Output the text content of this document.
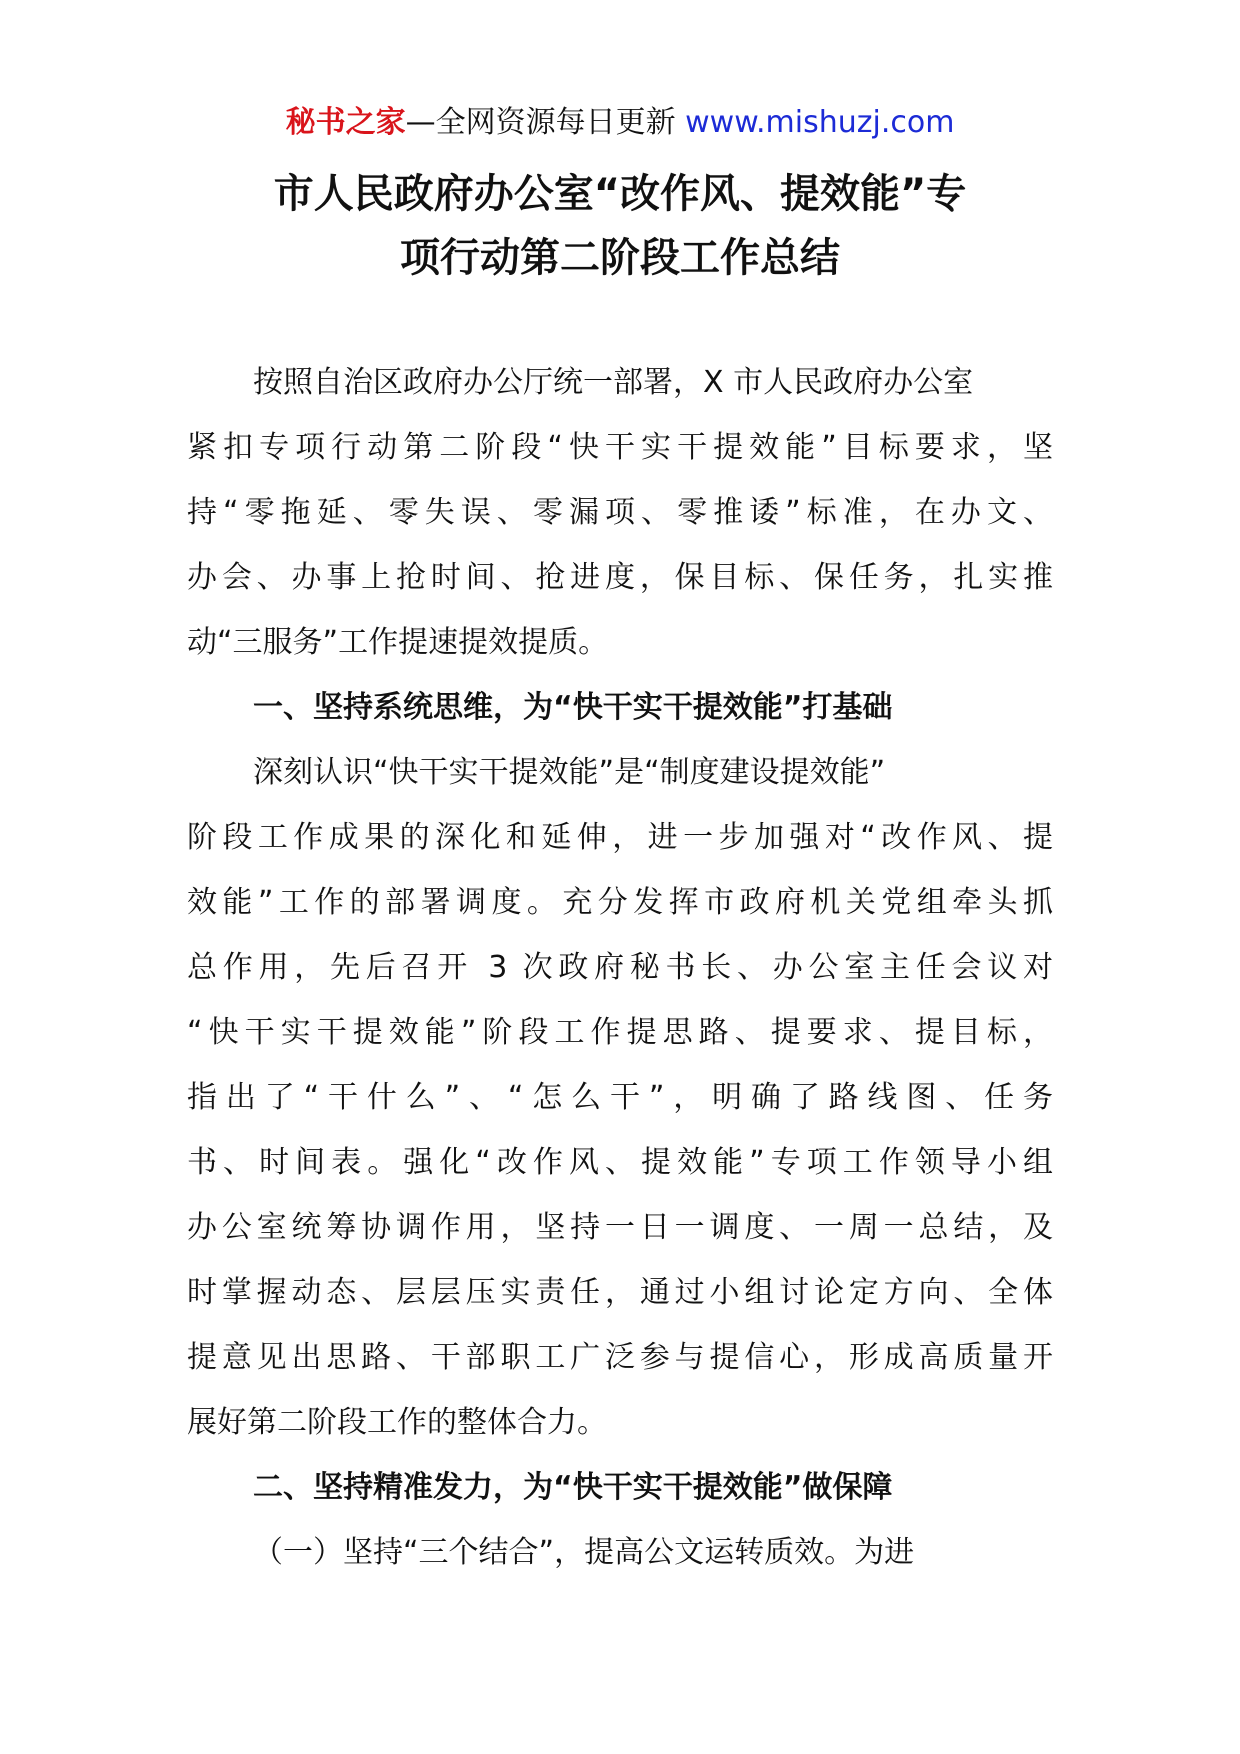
秘书之家—全网资源每日更新 www.mishuzj.com
市人民政府办公室“改作风、提效能”专
项行动第二阶段工作总结
按照自治区政府办公厅统一部署，X 市人民政府办公室
紧扣专项行动第二阶段“快干实干提效能”目标要求，坚
持“零拖延、零失误、零漏项、零推诿”标准，在办文、
办会、办事上抢时间、抢进度，保目标、保任务，扎实推
动“三服务”工作提速提效提质。
一、坚持系统思维，为“快干实干提效能”打基础
深刻认识“快干实干提效能”是“制度建设提效能”
阶段工作成果的深化和延伸，进一步加强对“改作风、提
效能”工作的部署调度。充分发挥市政府机关党组牵头抓
总作用，先后召开 3 次政府秘书长、办公室主任会议对
“快干实干提效能”阶段工作提思路、提要求、提目标，
指出了“干什么”、“怎么干”，明确了路线图、任务
书、时间表。强化“改作风、提效能”专项工作领导小组
办公室统筹协调作用，坚持一日一调度、一周一总结，及
时掌握动态、层层压实责任，通过小组讨论定方向、全体
提意见出思路、干部职工广泛参与提信心，形成高质量开
展好第二阶段工作的整体合力。
二、坚持精准发力，为“快干实干提效能”做保障
（一）坚持“三个结合”，提高公文运转质效。为进
